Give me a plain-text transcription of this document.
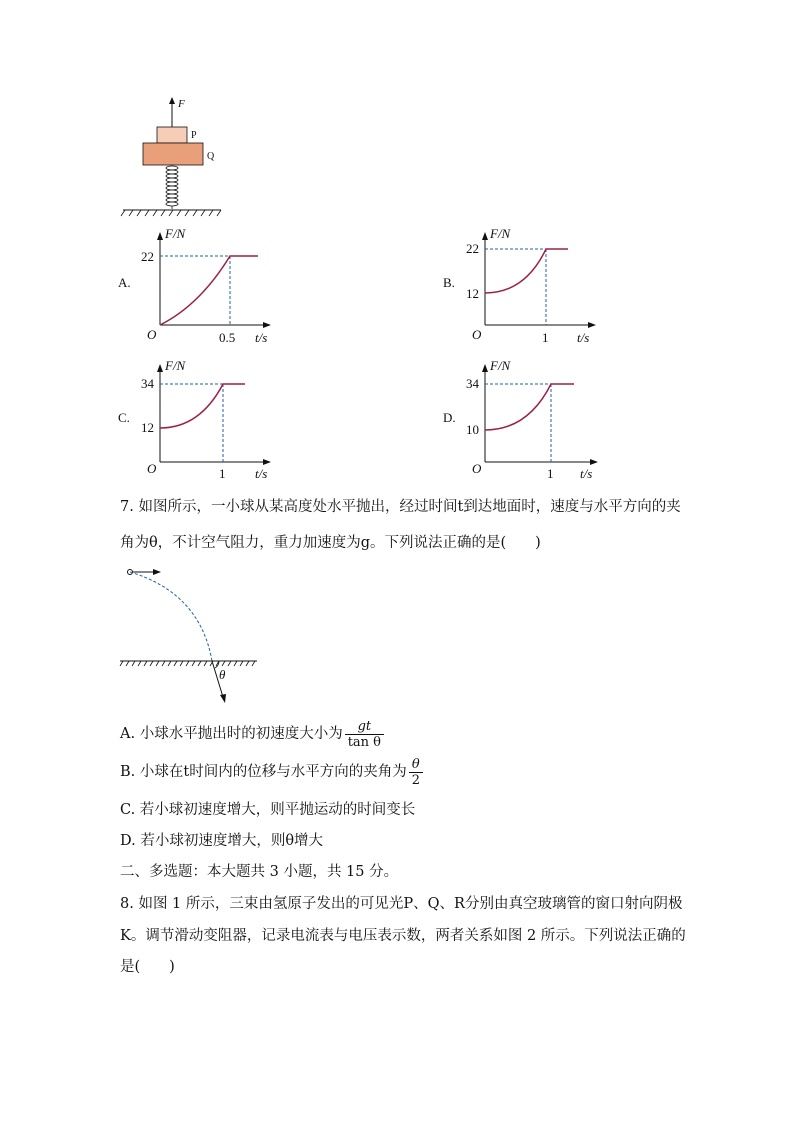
F
P
Q
A.
F/N
t/s
O
22
0.5
B.
F/N
t/s
O
12
22
1
C.
F/N
t/s
O
12
34
1
D.
F/N
t/s
O
10
34
1
7. 如图所示，一小球从某高度处水平抛出，经过时间t到达地面时，速度与水平方向的夹
角为θ，不计空气阻力，重力加速度为g。下列说法正确的是(　　)
θ
A. 小球水平抛出时的初速度大小为 $\frac{gt}{\text{tan θ}}$
B. 小球在t时间内的位移与水平方向的夹角为 $\frac{\theta}{2}$
C. 若小球初速度增大，则平抛运动的时间变长
D. 若小球初速度增大，则θ增大
二、多选题：本大题共 3 小题，共 15 分。
8. 如图 1 所示，三束由氢原子发出的可见光P、Q、R分别由真空玻璃管的窗口射向阴极
K。调节滑动变阻器，记录电流表与电压表示数，两者关系如图 2 所示。下列说法正确的
是(　　)
